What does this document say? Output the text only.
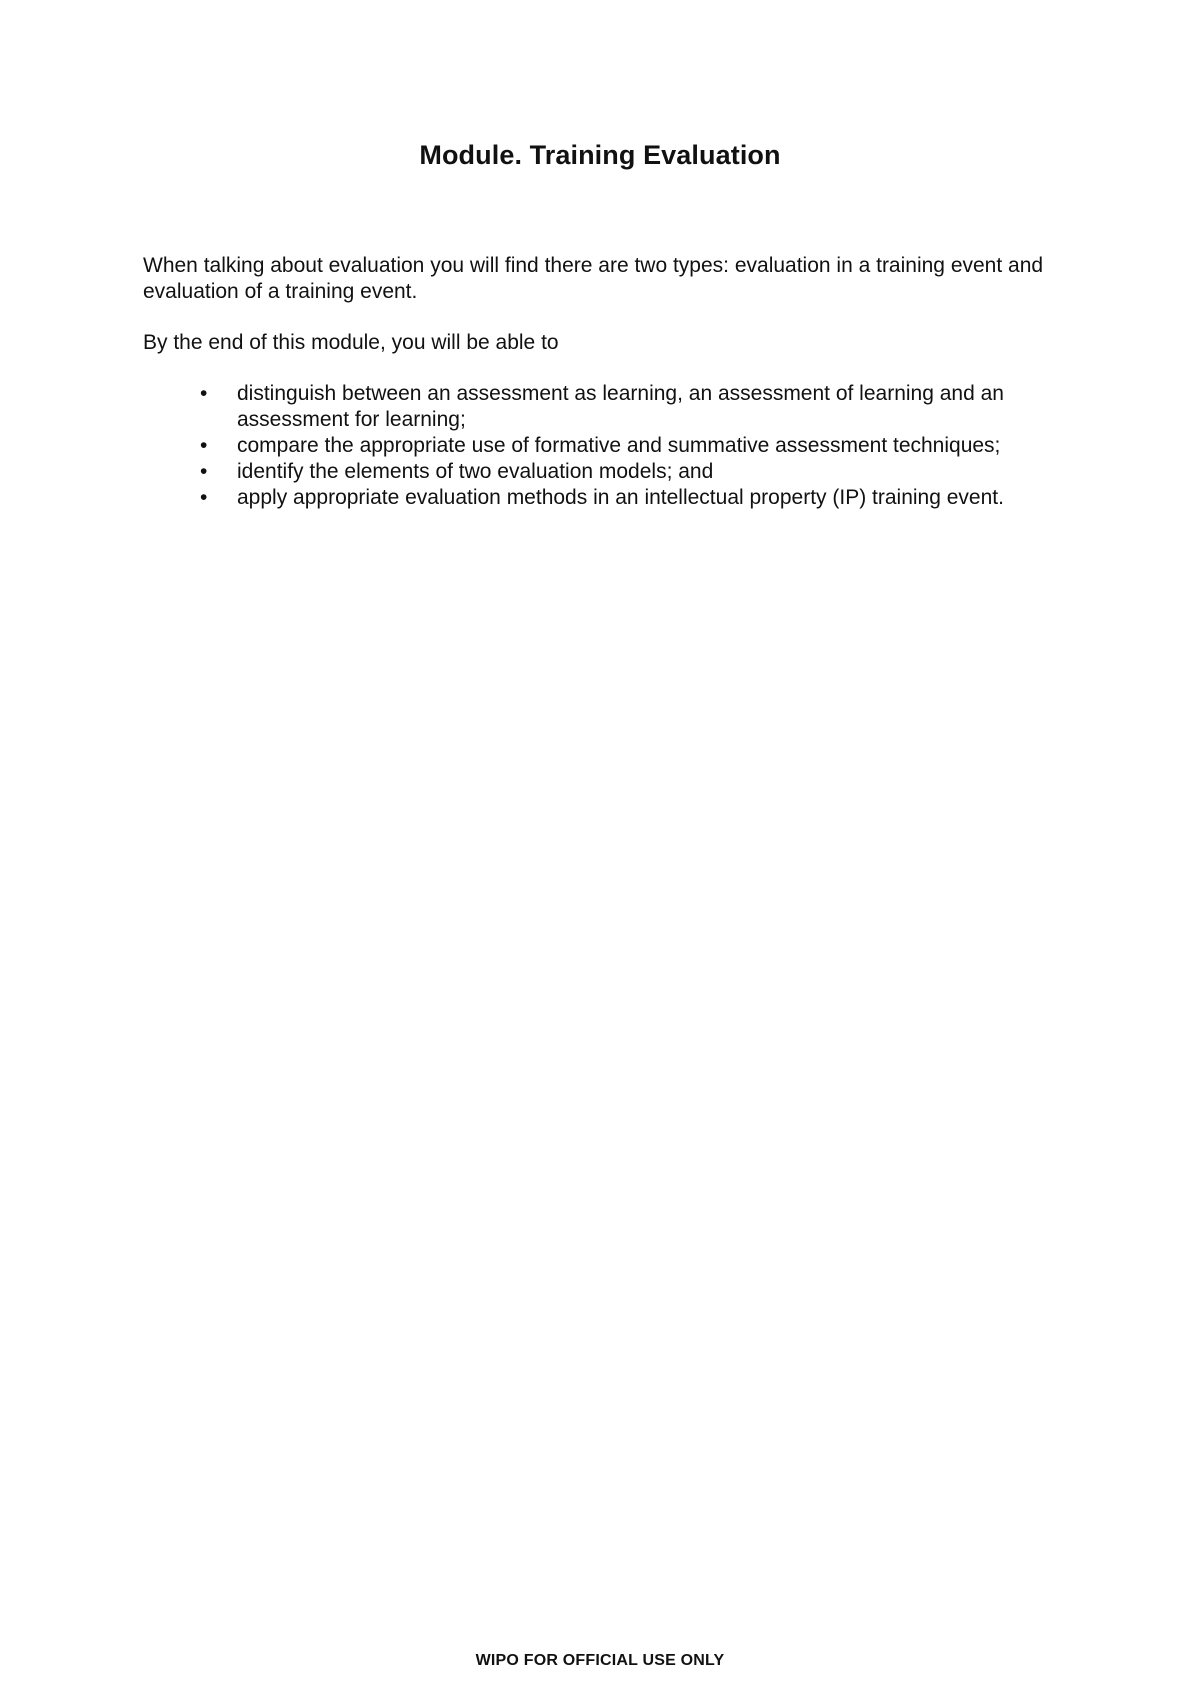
Module. Training Evaluation

When talking about evaluation you will find there are two types: evaluation in a training event and evaluation of a training event.

By the end of this module, you will be able to

•	distinguish between an assessment as learning, an assessment of learning and an assessment for learning;
•	compare the appropriate use of formative and summative assessment techniques;
•	identify the elements of two evaluation models; and
•	apply appropriate evaluation methods in an intellectual property (IP) training event.
WIPO FOR OFFICIAL USE ONLY
